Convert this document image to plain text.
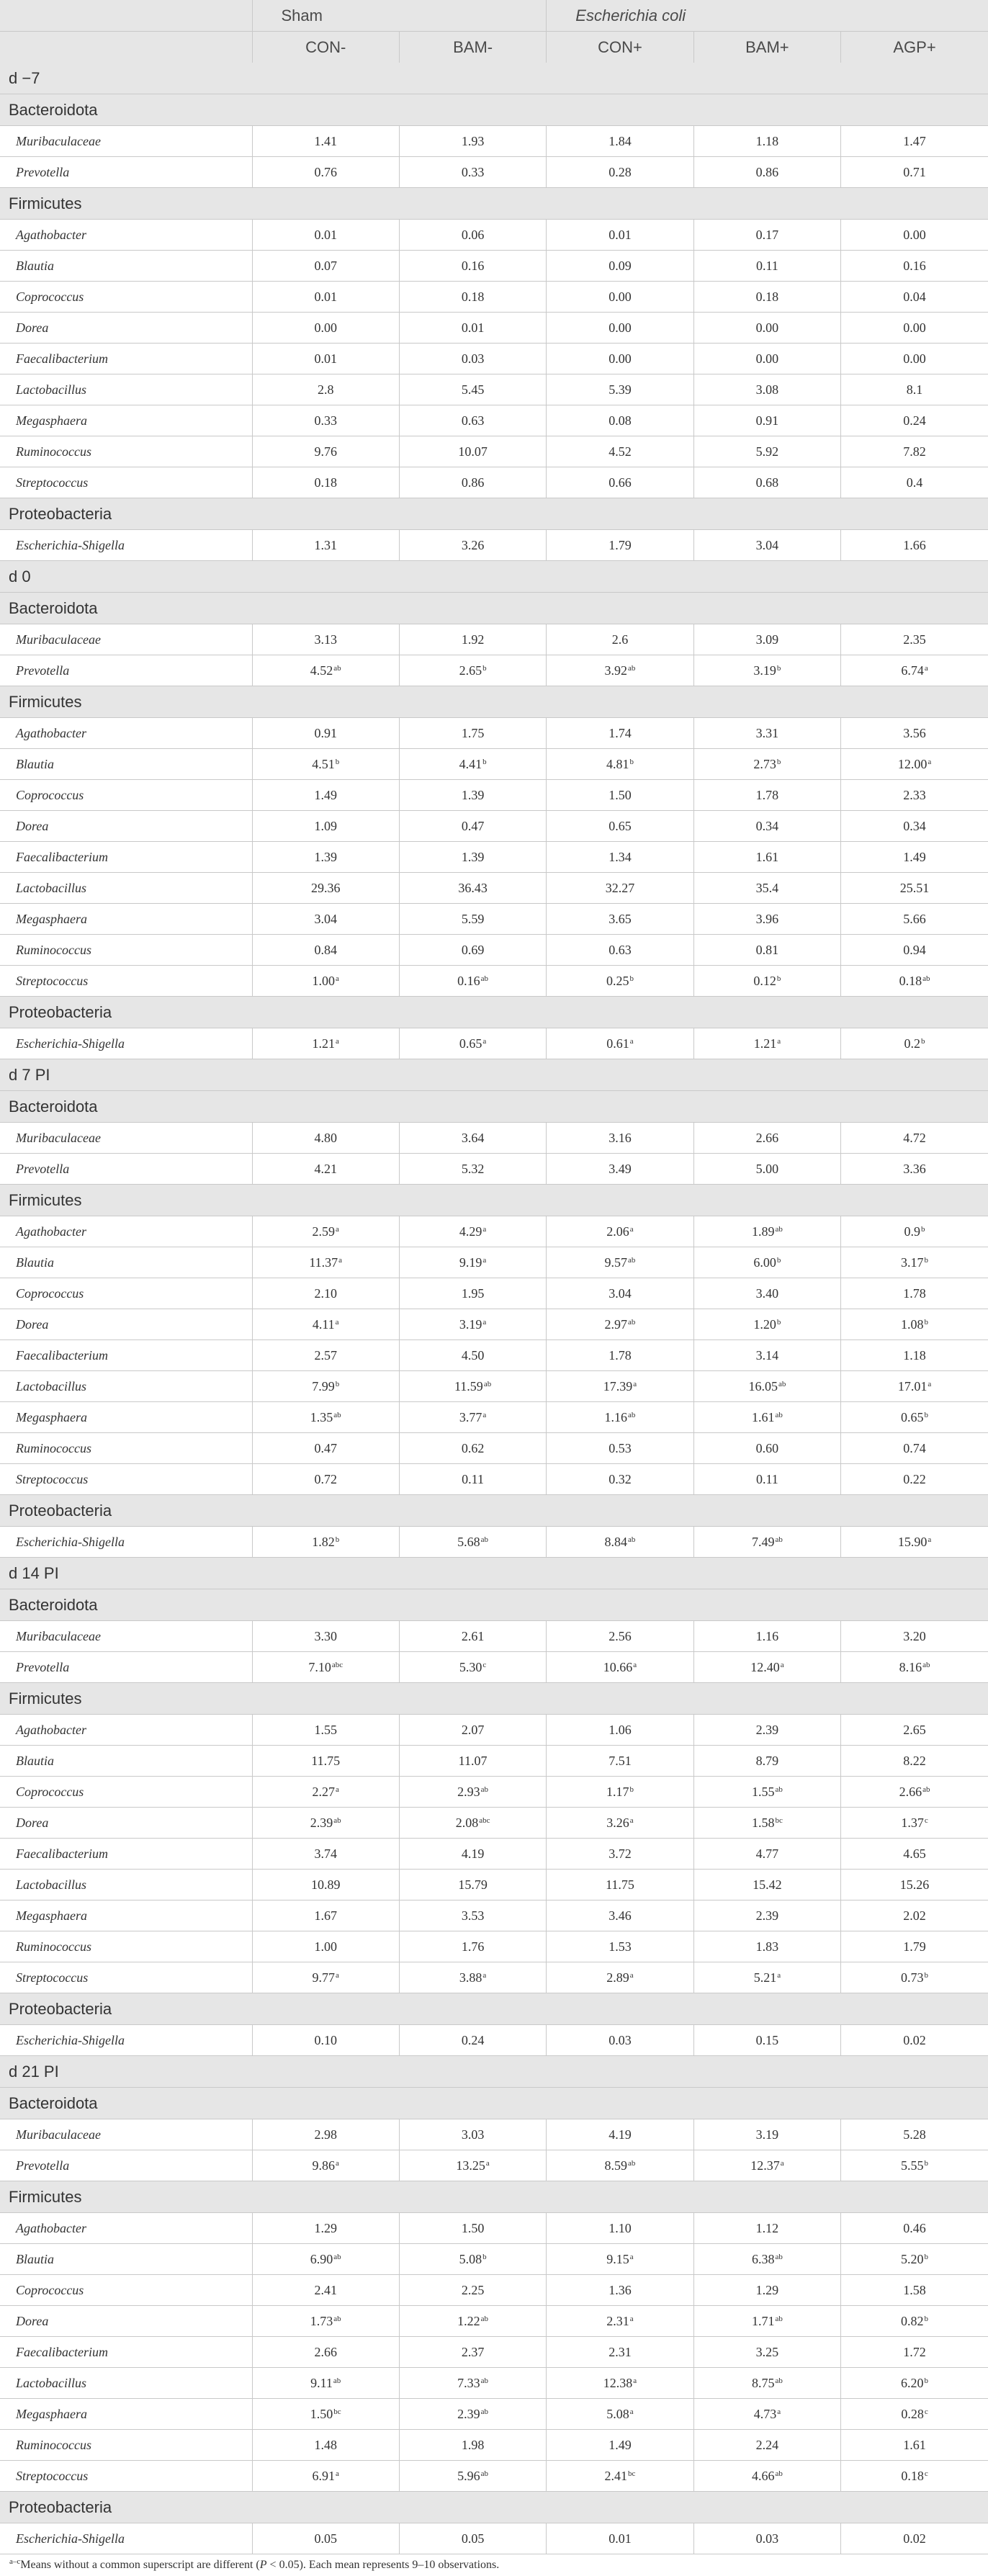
	Sham		Escherichia coli		
	CON-	BAM-	CON+	BAM+	AGP+
d −7					
Bacteroidota					
Muribaculaceae	1.41	1.93	1.84	1.18	1.47
Prevotella	0.76	0.33	0.28	0.86	0.71
Firmicutes					
Agathobacter	0.01	0.06	0.01	0.17	0.00
Blautia	0.07	0.16	0.09	0.11	0.16
Coprococcus	0.01	0.18	0.00	0.18	0.04
Dorea	0.00	0.01	0.00	0.00	0.00
Faecalibacterium	0.01	0.03	0.00	0.00	0.00
Lactobacillus	2.8	5.45	5.39	3.08	8.1
Megasphaera	0.33	0.63	0.08	0.91	0.24
Ruminococcus	9.76	10.07	4.52	5.92	7.82
Streptococcus	0.18	0.86	0.66	0.68	0.4
Proteobacteria					
Escherichia-Shigella	1.31	3.26	1.79	3.04	1.66
d 0					
Bacteroidota					
Muribaculaceae	3.13	1.92	2.6	3.09	2.35
Prevotella	4.52$^{ab}$	2.65$^b$	3.92$^{ab}$	3.19$^b$	6.74$^a$
Firmicutes					
Agathobacter	0.91	1.75	1.74	3.31	3.56
Blautia	4.51$^b$	4.41$^b$	4.81$^b$	2.73$^b$	12.00$^a$
Coprococcus	1.49	1.39	1.50	1.78	2.33
Dorea	1.09	0.47	0.65	0.34	0.34
Faecalibacterium	1.39	1.39	1.34	1.61	1.49
Lactobacillus	29.36	36.43	32.27	35.4	25.51
Megasphaera	3.04	5.59	3.65	3.96	5.66
Ruminococcus	0.84	0.69	0.63	0.81	0.94
Streptococcus	1.00$^a$	0.16$^{ab}$	0.25$^b$	0.12$^b$	0.18$^{ab}$
Proteobacteria					
Escherichia-Shigella	1.21$^a$	0.65$^a$	0.61$^a$	1.21$^a$	0.2$^b$
d 7 PI					
Bacteroidota					
Muribaculaceae	4.80	3.64	3.16	2.66	4.72
Prevotella	4.21	5.32	3.49	5.00	3.36
Firmicutes					
Agathobacter	2.59$^a$	4.29$^a$	2.06$^a$	1.89$^{ab}$	0.9$^b$
Blautia	11.37$^a$	9.19$^a$	9.57$^{ab}$	6.00$^b$	3.17$^b$
Coprococcus	2.10	1.95	3.04	3.40	1.78
Dorea	4.11$^a$	3.19$^a$	2.97$^{ab}$	1.20$^b$	1.08$^b$
Faecalibacterium	2.57	4.50	1.78	3.14	1.18
Lactobacillus	7.99$^b$	11.59$^{ab}$	17.39$^a$	16.05$^{ab}$	17.01$^a$
Megasphaera	1.35$^{ab}$	3.77$^a$	1.16$^{ab}$	1.61$^{ab}$	0.65$^b$
Ruminococcus	0.47	0.62	0.53	0.60	0.74
Streptococcus	0.72	0.11	0.32	0.11	0.22
Proteobacteria					
Escherichia-Shigella	1.82$^b$	5.68$^{ab}$	8.84$^{ab}$	7.49$^{ab}$	15.90$^a$
d 14 PI					
Bacteroidota					
Muribaculaceae	3.30	2.61	2.56	1.16	3.20
Prevotella	7.10$^{abc}$	5.30$^c$	10.66$^a$	12.40$^a$	8.16$^{ab}$
Firmicutes					
Agathobacter	1.55	2.07	1.06	2.39	2.65
Blautia	11.75	11.07	7.51	8.79	8.22
Coprococcus	2.27$^a$	2.93$^{ab}$	1.17$^b$	1.55$^{ab}$	2.66$^{ab}$
Dorea	2.39$^{ab}$	2.08$^{abc}$	3.26$^a$	1.58$^{bc}$	1.37$^c$
Faecalibacterium	3.74	4.19	3.72	4.77	4.65
Lactobacillus	10.89	15.79	11.75	15.42	15.26
Megasphaera	1.67	3.53	3.46	2.39	2.02
Ruminococcus	1.00	1.76	1.53	1.83	1.79
Streptococcus	9.77$^a$	3.88$^a$	2.89$^a$	5.21$^a$	0.73$^b$
Proteobacteria					
Escherichia-Shigella	0.10	0.24	0.03	0.15	0.02
d 21 PI					
Bacteroidota					
Muribaculaceae	2.98	3.03	4.19	3.19	5.28
Prevotella	9.86$^a$	13.25$^a$	8.59$^{ab}$	12.37$^a$	5.55$^b$
Firmicutes					
Agathobacter	1.29	1.50	1.10	1.12	0.46
Blautia	6.90$^{ab}$	5.08$^b$	9.15$^a$	6.38$^{ab}$	5.20$^b$
Coprococcus	2.41	2.25	1.36	1.29	1.58
Dorea	1.73$^{ab}$	1.22$^{ab}$	2.31$^a$	1.71$^{ab}$	0.82$^b$
Faecalibacterium	2.66	2.37	2.31	3.25	1.72
Lactobacillus	9.11$^{ab}$	7.33$^{ab}$	12.38$^a$	8.75$^{ab}$	6.20$^b$
Megasphaera	1.50$^{bc}$	2.39$^{ab}$	5.08$^a$	4.73$^a$	0.28$^c$
Ruminococcus	1.48	1.98	1.49	2.24	1.61
Streptococcus	6.91$^a$	5.96$^{ab}$	2.41$^{bc}$	4.66$^{ab}$	0.18$^c$
Proteobacteria					
Escherichia-Shigella	0.05	0.05	0.01	0.03	0.02
$^{a-c}$Means without a common superscript are different (P < 0.05). Each mean represents 9–10 observations.
